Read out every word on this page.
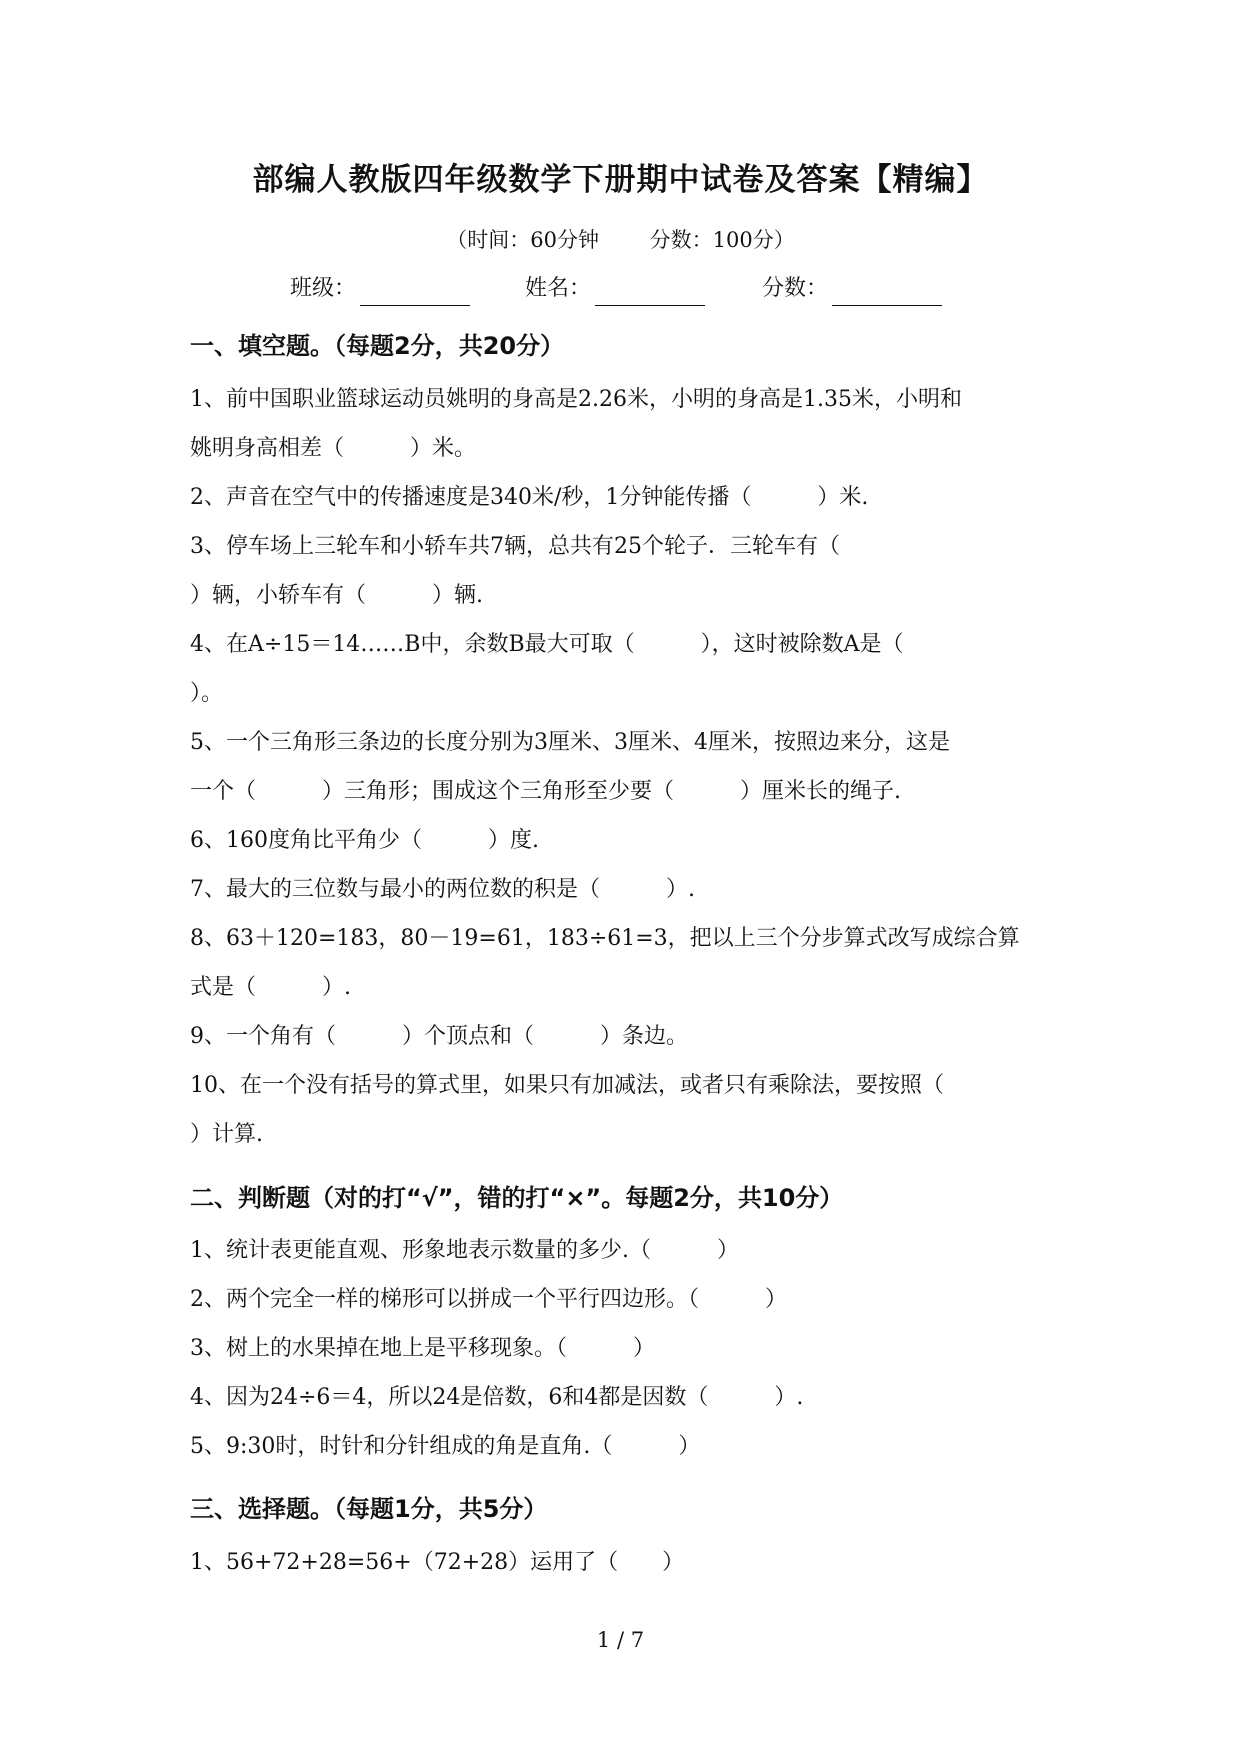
部编人教版四年级数学下册期中试卷及答案【精编】
（时间：60分钟 分数：100分）
班级：	姓名：	分数：
一、填空题。（每题2分，共20分）
1、前中国职业篮球运动员姚明的身高是2.26米，小明的身高是1.35米，小明和
姚明身高相差（　　　）米。
2、声音在空气中的传播速度是340米/秒，1分钟能传播（　　　）米.
3、停车场上三轮车和小轿车共7辆，总共有25个轮子．三轮车有（
）辆，小轿车有（　　　）辆.
4、在A÷15＝14……B中，余数B最大可取（　　　），这时被除数A是（
）。
5、一个三角形三条边的长度分别为3厘米、3厘米、4厘米，按照边来分，这是
一个（　　　）三角形；围成这个三角形至少要（　　　）厘米长的绳子.
6、160度角比平角少（　　　）度.
7、最大的三位数与最小的两位数的积是（　　　）.
8、63＋120=183，80－19=61，183÷61=3，把以上三个分步算式改写成综合算
式是（　　　）.
9、一个角有（　　　）个顶点和（　　　）条边。
10、在一个没有括号的算式里，如果只有加减法，或者只有乘除法，要按照（
）计算.
二、判断题（对的打“√”，错的打“×”。每题2分，共10分）
1、统计表更能直观、形象地表示数量的多少.（　　　）
2、两个完全一样的梯形可以拼成一个平行四边形。（　　　）
3、树上的水果掉在地上是平移现象。（　　　）
4、因为24÷6＝4，所以24是倍数，6和4都是因数（　　　）.
5、9:30时，时针和分针组成的角是直角.（　　　）
三、选择题。（每题1分，共5分）
1、56+72+28=56+（72+28）运用了（　　）
1 / 7
